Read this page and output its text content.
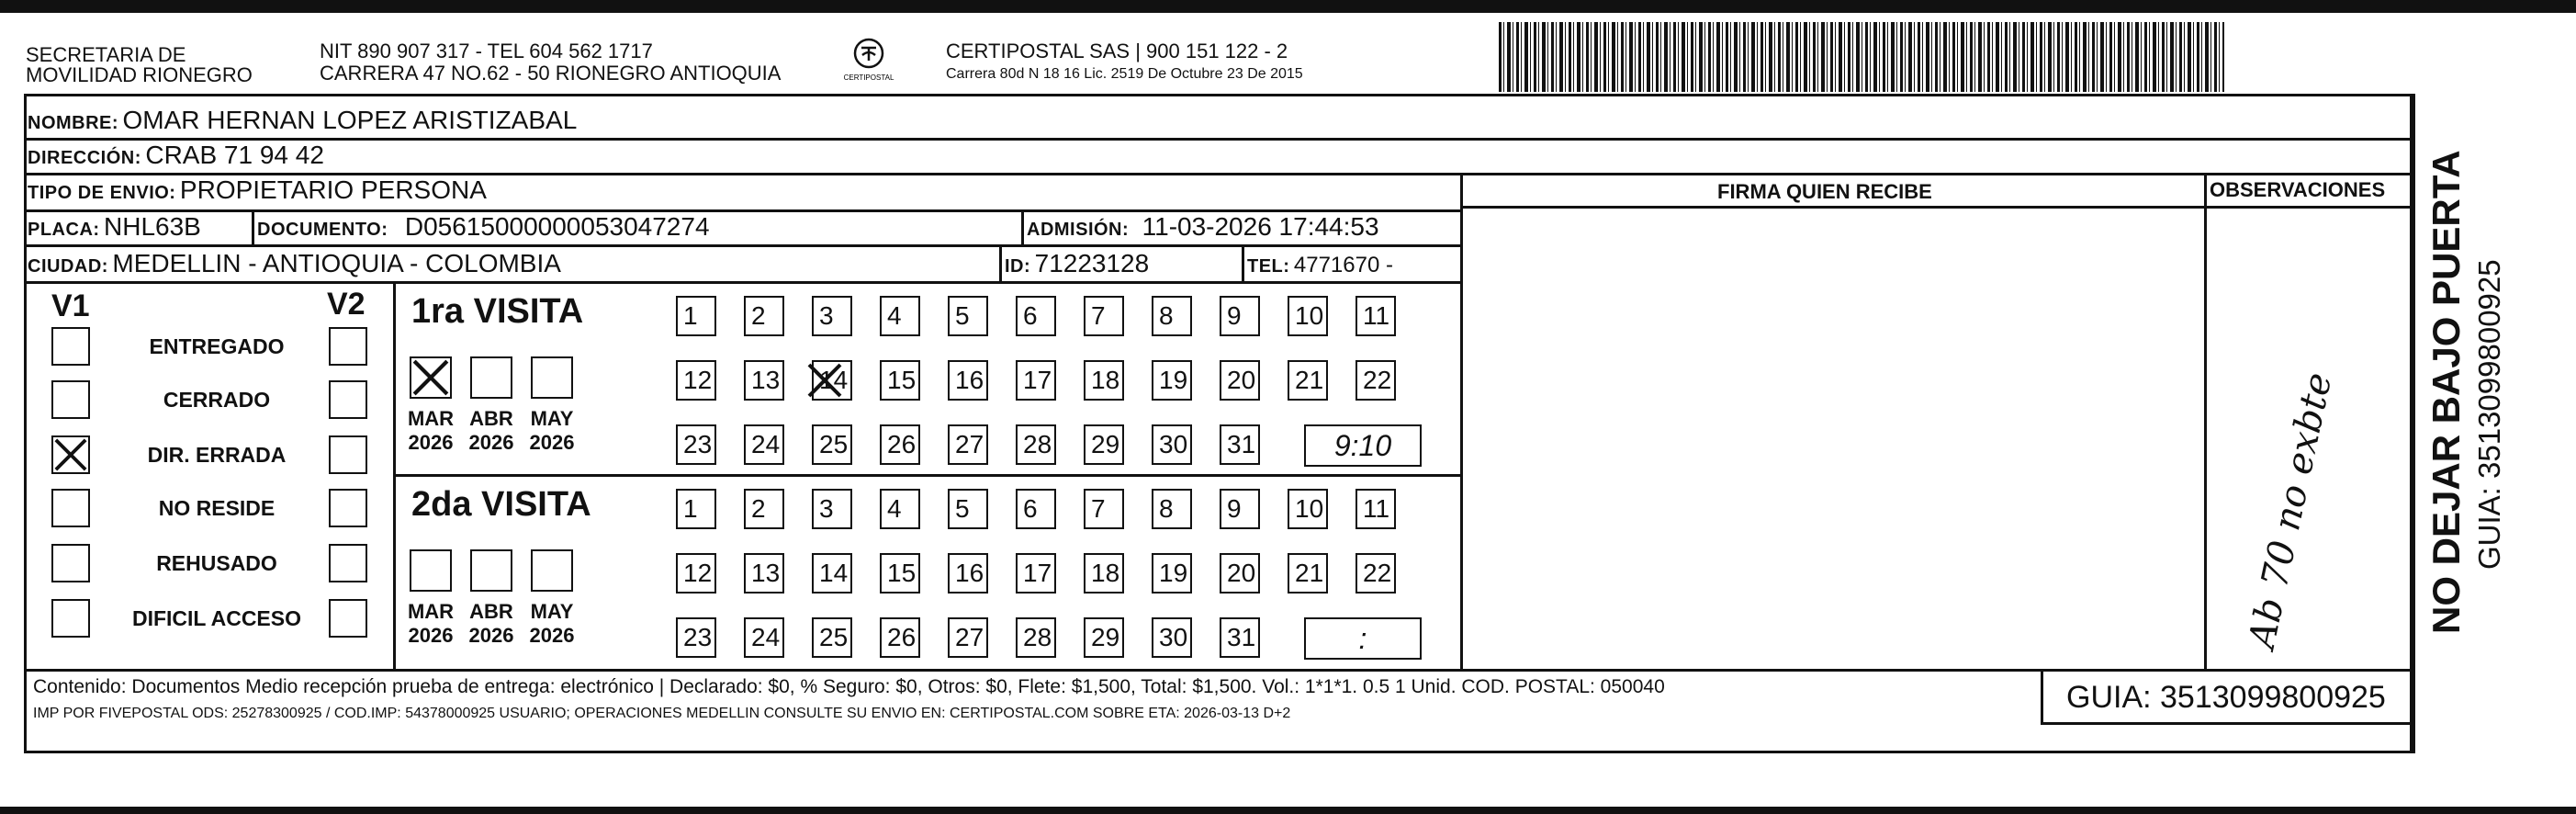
SECRETARIA DE
MOVILIDAD RIONEGRO
NIT 890 907 317 - TEL 604 562 1717
CARRERA 47 NO.62 - 50 RIONEGRO ANTIOQUIA	CERTIPOSTAL
CERTIPOSTAL SAS | 900 151 122 - 2
Carrera 80d N 18 16 Lic. 2519 De Octubre 23 De 2015
NOMBRE: OMAR HERNAN LOPEZ ARISTIZABAL
DIRECCIÓN: CRAB 71 94 42
TIPO DE ENVIO: PROPIETARIO PERSONA
PLACA: NHL63B	DOCUMENTO: D05615000000053047274	ADMISIÓN: 11-03-2026 17:44:53
CIUDAD: MEDELLIN - ANTIOQUIA - COLOMBIA	ID: 71223128	TEL: 4771670 -
FIRMA QUIEN RECIBE	OBSERVACIONES
V1	V2
ENTREGADO
CERRADO
DIR. ERRADA
NO RESIDE
REHUSADO
DIFICIL ACCESO
1ra VISITA
2da VISITA
MAR
2026
ABR
2026
MAY
2026
1	2	3	4	5	6	7	8	9	10 11
12 13 14 15 16 17 18 19 20 21 22
23 24 25 26 27 28 29 30 31	9:10
MAR
2026
ABR
2026
MAY
2026
1	2	3	4	5	6	7	8	9	10 11
12 13 14 15 16 17 18 19 20 21 22
23 24 25 26 27 28 29 30 31	:	Ab 70 no exbte NO DEJAR BAJO PUERTA GUIA: 3513099800925
Contenido: Documentos Medio recepción prueba de entrega: electrónico | Declarado: $0, % Seguro: $0, Otros: $0, Flete: $1,500, Total: $1,500. Vol.: 1*1*1. 0.5 1 Unid. COD. POSTAL: 050040
IMP POR FIVEPOSTAL ODS: 25278300925 / COD.IMP: 54378000925 USUARIO; OPERACIONES MEDELLIN CONSULTE SU ENVIO EN: CERTIPOSTAL.COM SOBRE ETA: 2026-03-13 D+2	GUIA: 3513099800925
